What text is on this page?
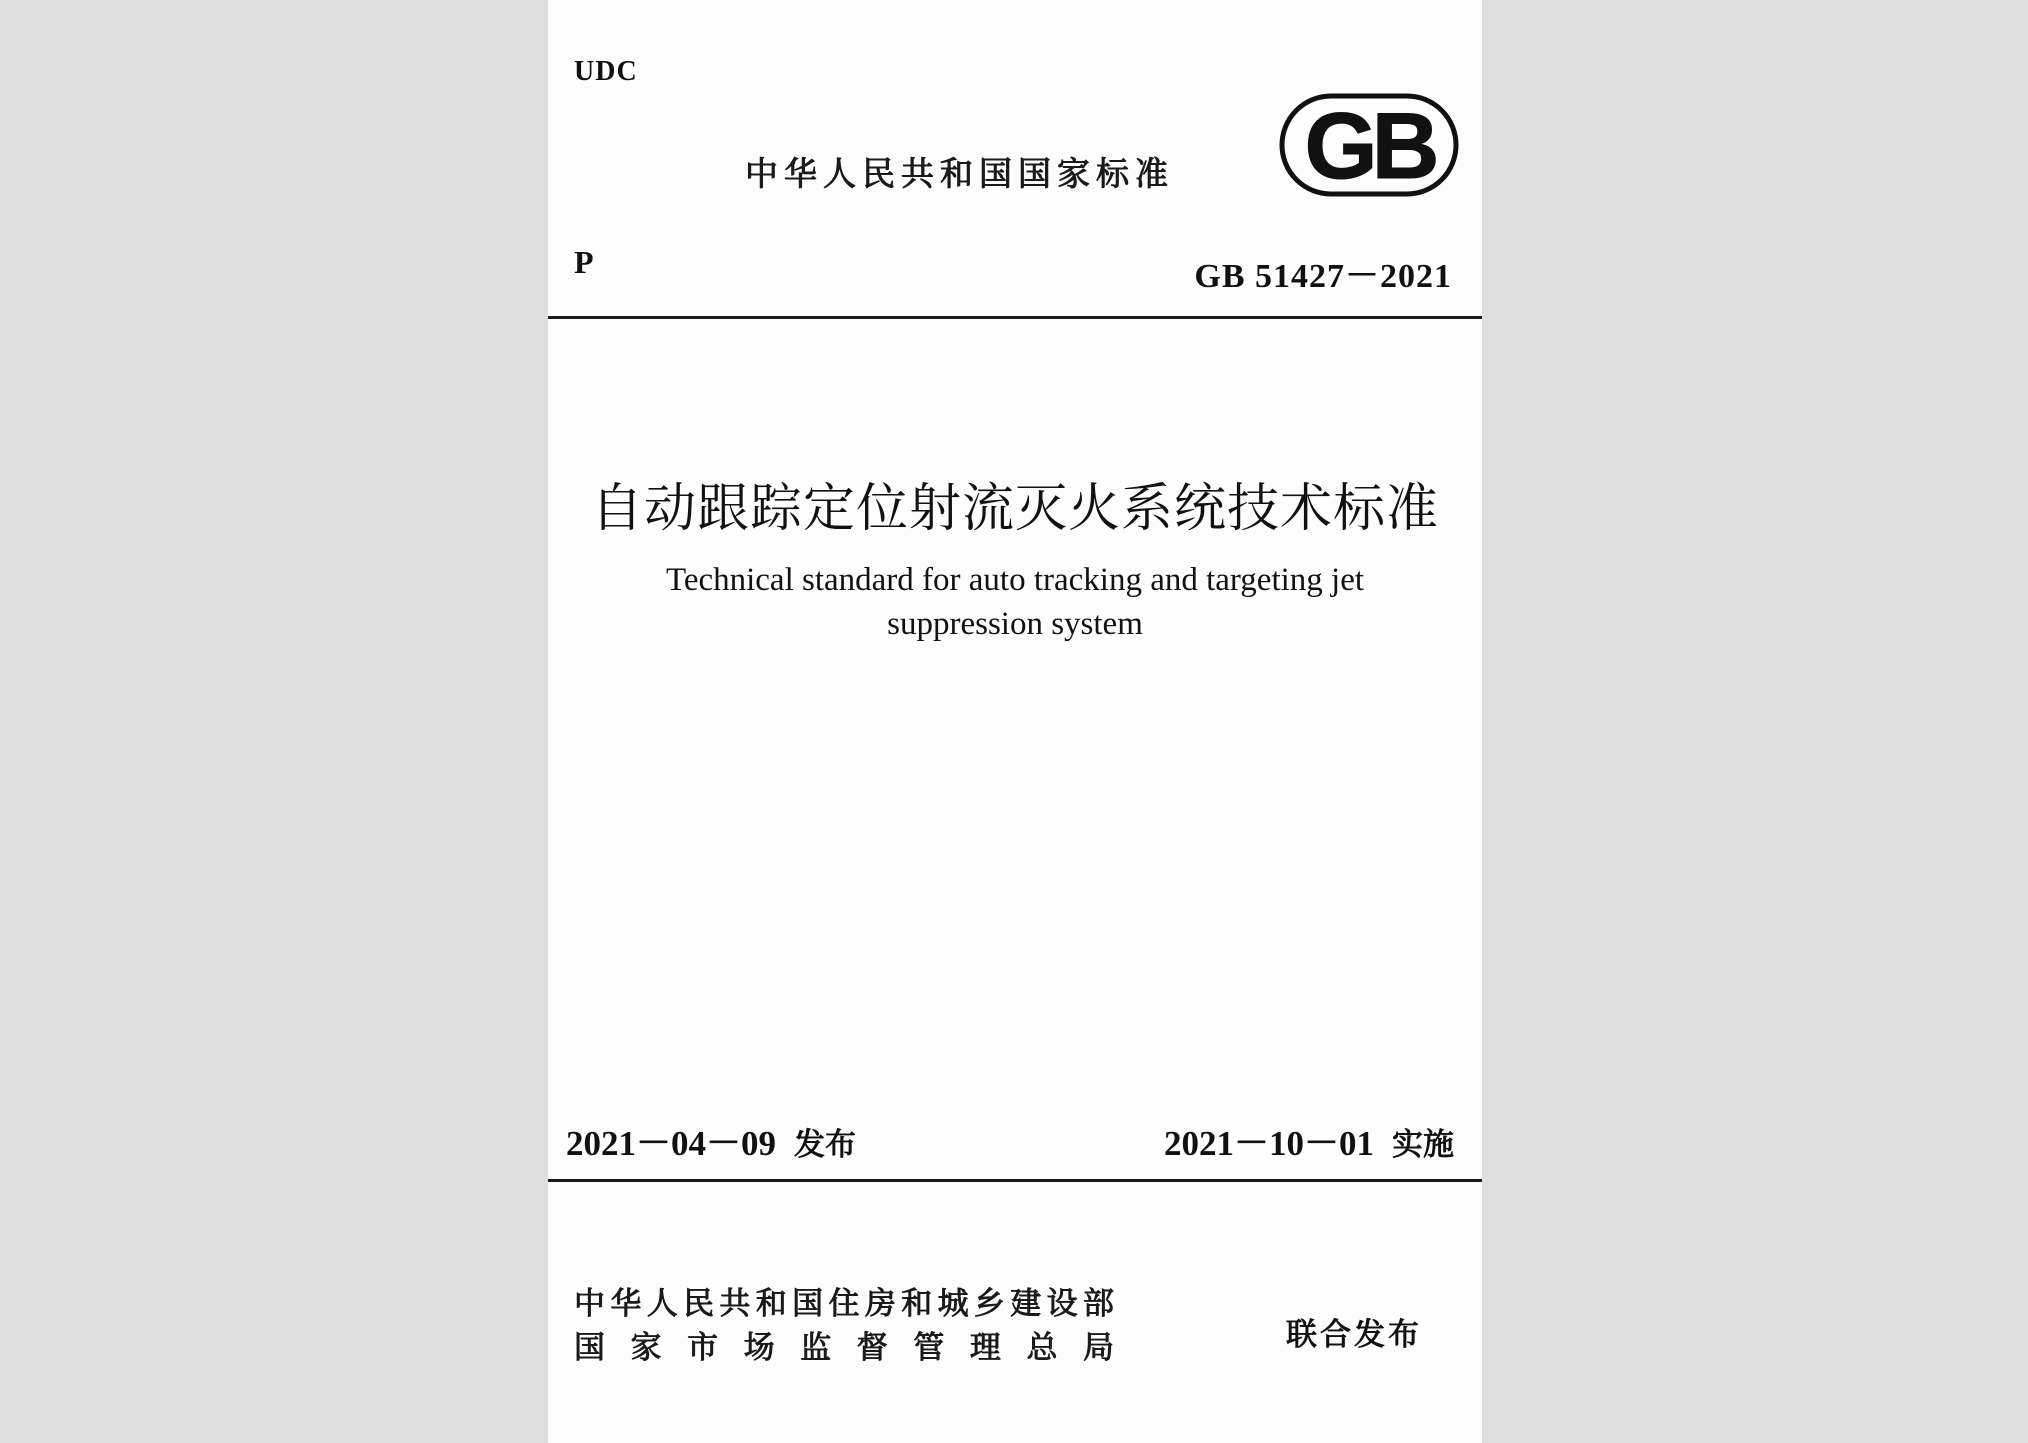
UDC
中华人民共和国国家标准 GB
P	GB 51427－2021
自动跟踪定位射流灭火系统技术标准
Technical standard for auto tracking and targeting jet
suppression system
2021－04－09 发布	2021－10－01 实施
中华人民共和国住房和城乡建设部
国家市场监督管理总局	联合发布
